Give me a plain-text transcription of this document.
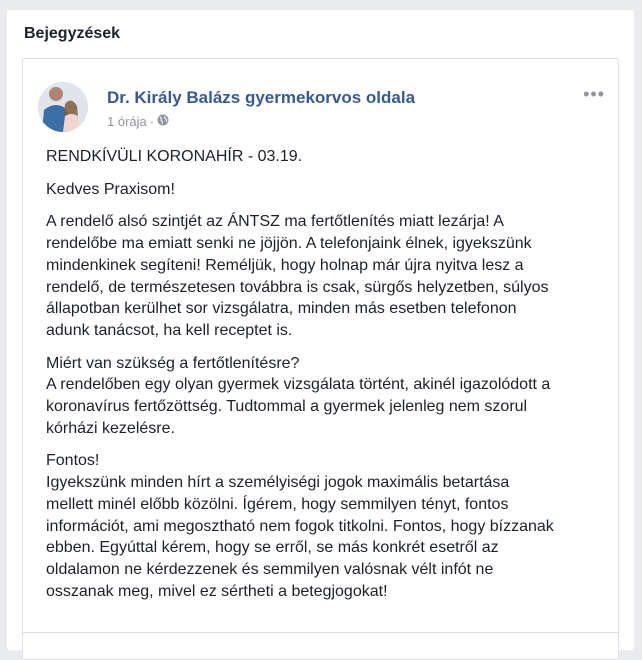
Bejegyzések
Dr. Király Balázs gyermekorvos oldala
1 órája ·
•••

RENDKÍVÜLI KORONAHÍR - 03.19.

Kedves Praxisom!

A rendelő alsó szintjét az ÁNTSZ ma fertőtlenítés miatt lezárja! A
rendelőbe ma emiatt senki ne jöjjön. A telefonjaink élnek, igyekszünk
mindenkinek segíteni! Reméljük, hogy holnap már újra nyitva lesz a
rendelő, de természetesen továbbra is csak, sürgős helyzetben, súlyos
állapotban kerülhet sor vizsgálatra, minden más esetben telefonon
adunk tanácsot, ha kell receptet is.

Miért van szükség a fertőtlenítésre?
A rendelőben egy olyan gyermek vizsgálata történt, akinél igazolódott a
koronavírus fertőzöttség. Tudtommal a gyermek jelenleg nem szorul
kórházi kezelésre.

Fontos!
Igyekszünk minden hírt a személyiségi jogok maximális betartása
mellett minél előbb közölni. Ígérem, hogy semmilyen tényt, fontos
információt, ami megosztható nem fogok titkolni. Fontos, hogy bízzanak
ebben. Egyúttal kérem, hogy se erről, se más konkrét esetről az
oldalamon ne kérdezzenek és semmilyen valósnak vélt infót ne
osszanak meg, mivel ez sértheti a betegjogokat!
